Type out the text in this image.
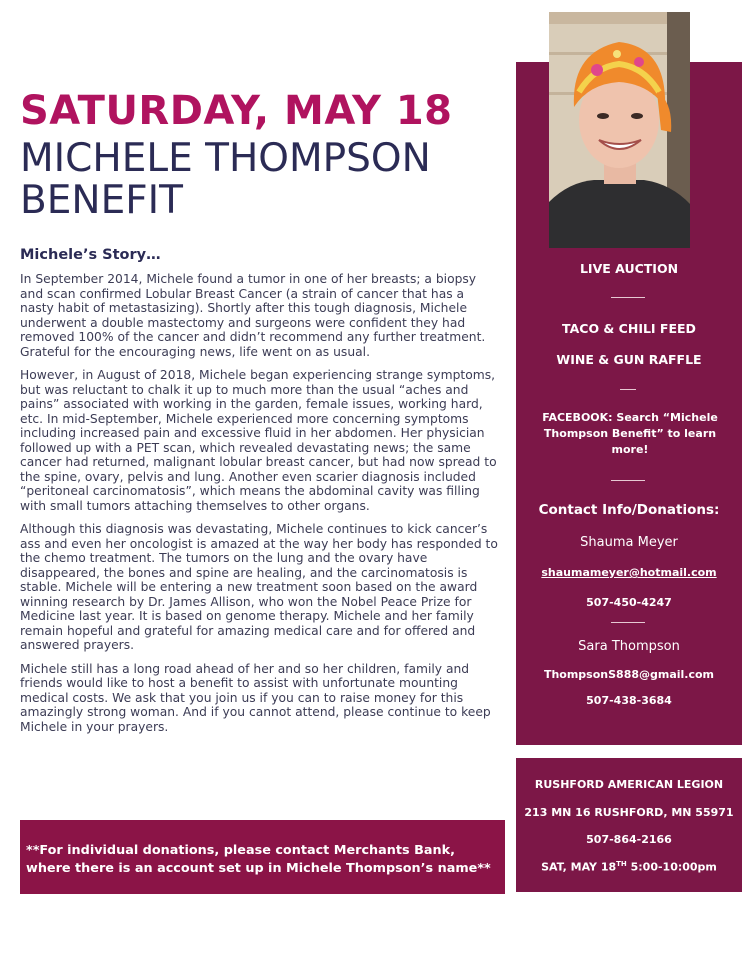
SATURDAY, MAY 18
MICHELE THOMPSON BENEFIT
Michele’s Story…

In September 2014, Michele found a tumor in one of her breasts; a biopsy and scan confirmed Lobular Breast Cancer (a strain of cancer that has a nasty habit of metastasizing). Shortly after this tough diagnosis, Michele underwent a double mastectomy and surgeons were confident they had removed 100% of the cancer and didn’t recommend any further treatment. Grateful for the encouraging news, life went on as usual.

However, in August of 2018, Michele began experiencing strange symptoms, but was reluctant to chalk it up to much more than the usual “aches and pains” associated with working in the garden, female issues, working hard, etc. In mid-September, Michele experienced more concerning symptoms including increased pain and excessive fluid in her abdomen. Her physician followed up with a PET scan, which revealed devastating news; the same cancer had returned, malignant lobular breast cancer, but had now spread to the spine, ovary, pelvis and lung. Another even scarier diagnosis included “peritoneal carcinomatosis”, which means the abdominal cavity was filling with small tumors attaching themselves to other organs.

Although this diagnosis was devastating, Michele continues to kick cancer’s ass and even her oncologist is amazed at the way her body has responded to the chemo treatment. The tumors on the lung and the ovary have disappeared, the bones and spine are healing, and the carcinomatosis is stable. Michele will be entering a new treatment soon based on the award winning research by Dr. James Allison, who won the Nobel Peace Prize for Medicine last year. It is based on genome therapy. Michele and her family remain hopeful and grateful for amazing medical care and for offered and answered prayers.

Michele still has a long road ahead of her and so her children, family and friends would like to host a benefit to assist with unfortunate mounting medical costs. We ask that you join us if you can to raise money for this amazingly strong woman. And if you cannot attend, please continue to keep Michele in your prayers.

**For individual donations, please contact Merchants Bank, where there is an account set up in Michele Thompson’s name**
LIVE AUCTION
TACO & CHILI FEED
WINE & GUN RAFFLE
FACEBOOK: Search “Michele Thompson Benefit” to learn more!
Contact Info/Donations:
Shauma Meyer
shaumameyer@hotmail.com
507-450-4247
Sara Thompson
ThompsonS888@gmail.com
507-438-3684
RUSHFORD AMERICAN LEGION
213 MN 16 RUSHFORD, MN 55971
507-864-2166
SAT, MAY 18TH 5:00-10:00pm
